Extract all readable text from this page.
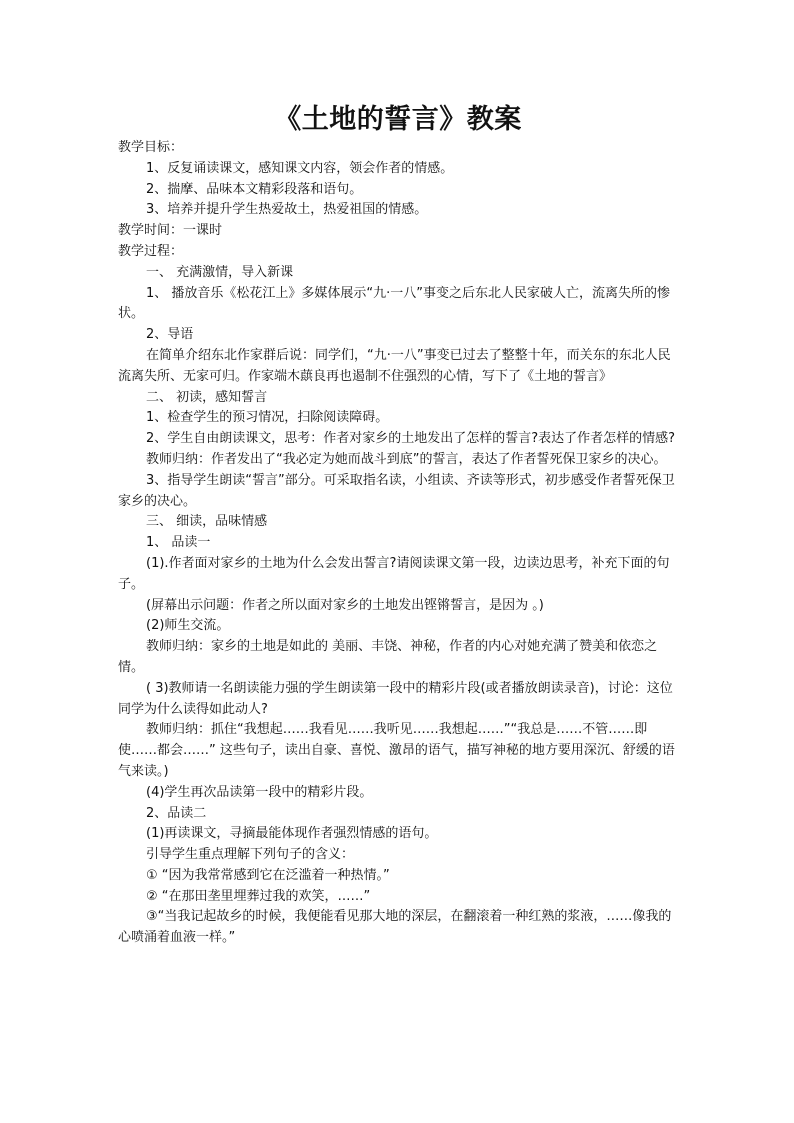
《土地的誓言》教案

教学目标：

1、反复诵读课文，感知课文内容，领会作者的情感。

2、揣摩、品味本文精彩段落和语句。

3、培养并提升学生热爱故土，热爱祖国的情感。

教学时间：一课时

教学过程：

一、 充满激情，导入新课

1、 播放音乐《松花江上》多媒体展示“九·一八”事变之后东北人民家破人亡，流离失所的惨状。

2、导语

在简单介绍东北作家群后说：同学们，“九·一八”事变已过去了整整十年，而关东的东北人民流离失所、无家可归。作家端木蕻良再也遏制不住强烈的心情，写下了《土地的誓言》

二、 初读，感知誓言

1、检查学生的预习情况，扫除阅读障碍。

2、学生自由朗读课文，思考：作者对家乡的土地发出了怎样的誓言?表达了作者怎样的情感?

教师归纳：作者发出了“我必定为她而战斗到底”的誓言，表达了作者誓死保卫家乡的决心。

3、指导学生朗读“誓言”部分。可采取指名读，小组读、齐读等形式，初步感受作者誓死保卫家乡的决心。

三、 细读，品味情感

1、 品读一

(1).作者面对家乡的土地为什么会发出誓言?请阅读课文第一段，边读边思考，补充下面的句子。

(屏幕出示问题：作者之所以面对家乡的土地发出铿锵誓言，是因为 。)

(2)师生交流。

教师归纳：家乡的土地是如此的 美丽、丰饶、神秘，作者的内心对她充满了赞美和依恋之情。

( 3)教师请一名朗读能力强的学生朗读第一段中的精彩片段(或者播放朗读录音)，讨论：这位同学为什么读得如此动人?

教师归纳：抓住“我想起……我看见……我听见……我想起……”“我总是……不管……即使……都会……” 这些句子，读出自豪、喜悦、激昂的语气，描写神秘的地方要用深沉、舒缓的语气来读。)

(4)学生再次品读第一段中的精彩片段。

2、品读二

(1)再读课文，寻摘最能体现作者强烈情感的语句。

引导学生重点理解下列句子的含义：

① “因为我常常感到它在泛滥着一种热情。”

② “在那田垄里埋葬过我的欢笑，……”

③“当我记起故乡的时候，我便能看见那大地的深层，在翻滚着一种红熟的浆液，……像我的心喷涌着血液一样。”
